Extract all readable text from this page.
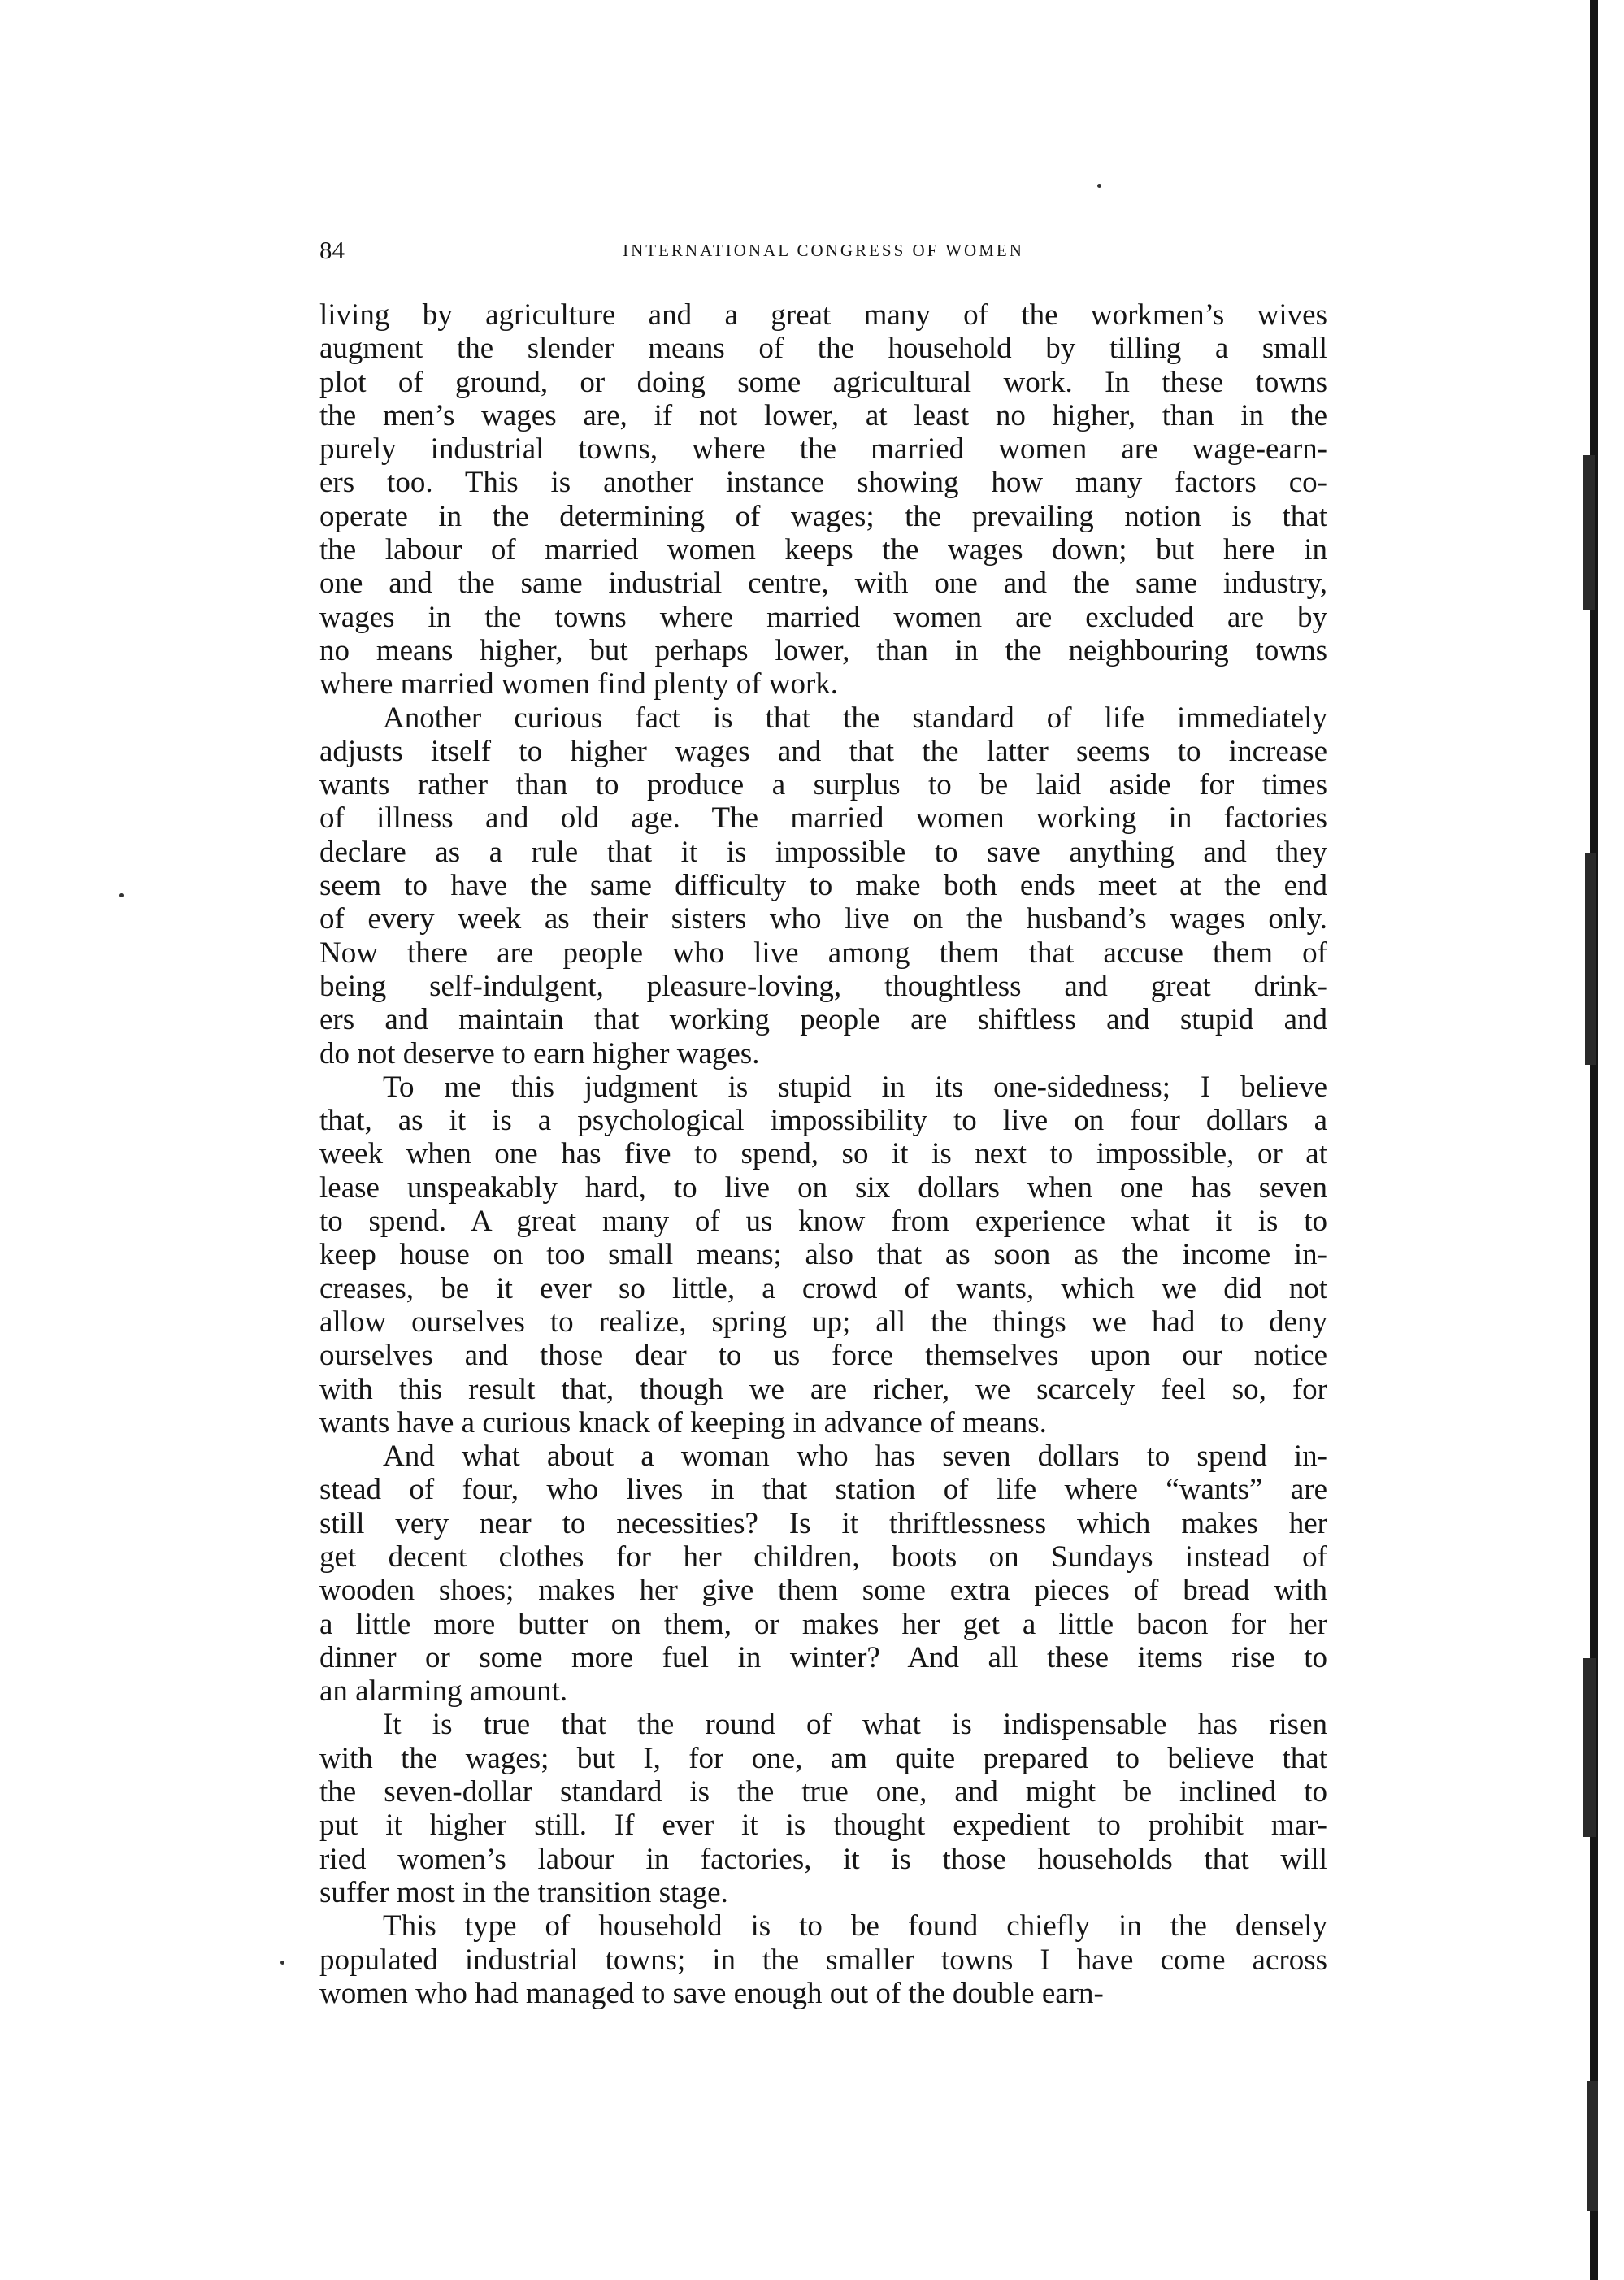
84	INTERNATIONAL CONGRESS OF WOMEN
living by agriculture and a great many of the workmen’s wives
augment the slender means of the household by tilling a small
plot of ground, or doing some agricultural work. In these towns
the men’s wages are, if not lower, at least no higher, than in the
purely industrial towns, where the married women are wage-earn-
ers too. This is another instance showing how many factors co-
operate in the determining of wages; the prevailing notion is that
the labour of married women keeps the wages down; but here in
one and the same industrial centre, with one and the same industry,
wages in the towns where married women are excluded are by
no means higher, but perhaps lower, than in the neighbouring towns
where married women find plenty of work.
Another curious fact is that the standard of life immediately
adjusts itself to higher wages and that the latter seems to increase
wants rather than to produce a surplus to be laid aside for times
of illness and old age. The married women working in factories
declare as a rule that it is impossible to save anything and they
seem to have the same difficulty to make both ends meet at the end
of every week as their sisters who live on the husband’s wages only.
Now there are people who live among them that accuse them of
being self-indulgent, pleasure-loving, thoughtless and great drink-
ers and maintain that working people are shiftless and stupid and
do not deserve to earn higher wages.
To me this judgment is stupid in its one-sidedness; I believe
that, as it is a psychological impossibility to live on four dollars a
week when one has five to spend, so it is next to impossible, or at
lease unspeakably hard, to live on six dollars when one has seven
to spend. A great many of us know from experience what it is to
keep house on too small means; also that as soon as the income in-
creases, be it ever so little, a crowd of wants, which we did not
allow ourselves to realize, spring up; all the things we had to deny
ourselves and those dear to us force themselves upon our notice
with this result that, though we are richer, we scarcely feel so, for
wants have a curious knack of keeping in advance of means.
And what about a woman who has seven dollars to spend in-
stead of four, who lives in that station of life where “wants” are
still very near to necessities? Is it thriftlessness which makes her
get decent clothes for her children, boots on Sundays instead of
wooden shoes; makes her give them some extra pieces of bread with
a little more butter on them, or makes her get a little bacon for her
dinner or some more fuel in winter? And all these items rise to
an alarming amount.
It is true that the round of what is indispensable has risen
with the wages; but I, for one, am quite prepared to believe that
the seven-dollar standard is the true one, and might be inclined to
put it higher still. If ever it is thought expedient to prohibit mar-
ried women’s labour in factories, it is those households that will
suffer most in the transition stage.
This type of household is to be found chiefly in the densely
populated industrial towns; in the smaller towns I have come across
women who had managed to save enough out of the double earn-
